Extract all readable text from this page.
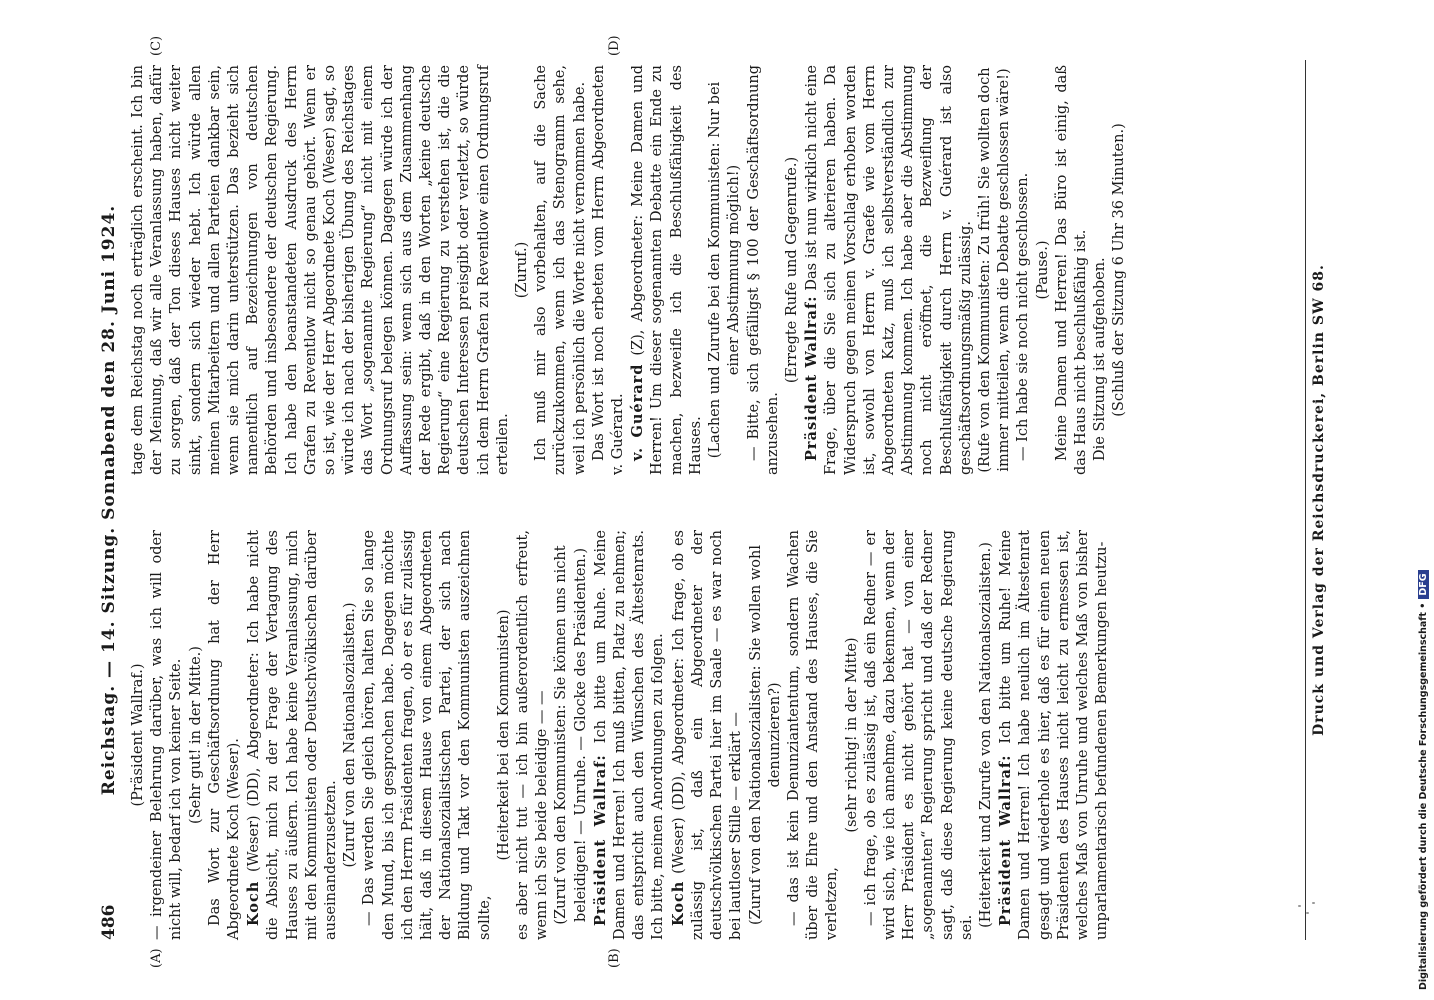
486
Reichstag. — 14. Sitzung. Sonnabend den 28. Juni 1924. (Präsident Wallraf.) — irgendeiner Belehrung darüber, was ich will oder nicht will, bedarf ich von keiner Seite. (Sehr gut! in der Mitte.) Das Wort zur Geschäftsordnung hat der Herr Abgeordnete Koch (Weser). Koch (Weser) (DD), Abgeordneter: Ich habe nicht die Absicht, mich zu der Frage der Vertagung des Hauses zu äußern. Ich habe keine Veranlassung, mich mit den Kommunisten oder Deutschvölkischen darüber auseinanderzusetzen. (Zuruf von den Nationalsozialisten.) — Das werden Sie gleich hören, halten Sie so lange den Mund, bis ich gesprochen habe. Dagegen möchte ich den Herrn Präsidenten fragen, ob er es für zulässig hält, daß in diesem Hause von einem Abgeordneten der Nationalsozialistischen Partei, der sich nach Bildung und Takt vor den Kommunisten auszeichnen sollte,

(Heiterkeit bei den Kommunisten) es aber nicht tut — ich bin außerordentlich erfreut, wenn ich Sie beide beleidige — — (Zuruf von den Kommunisten: Sie können uns nicht beleidigen! — Unruhe. — Glocke des Präsidenten.) Präsident Wallraf: Ich bitte um Ruhe. Meine Damen und Herren! Ich muß bitten, Platz zu nehmen; das entspricht auch den Wünschen des Ältestenrats. Ich bitte, meinen Anordnungen zu folgen. Koch (Weser) (DD), Abgeordneter: Ich frage, ob es zulässig ist, daß ein Abgeordneter der deutschvölkischen Partei hier im Saale — es war noch bei lautloser Stille — erklärt — (Zuruf von den Nationalsozialisten: Sie wollen wohl denunzieren?) — das ist kein Denunziantentum, sondern Wachen über die Ehre und den Anstand des Hauses, die Sie verletzen,

(sehr richtig! in der Mitte) — ich frage, ob es zulässig ist, daß ein Redner — er wird sich, wie ich annehme, dazu bekennen, wenn der Herr Präsident es nicht gehört hat — von einer „sogenannten“ Regierung spricht und daß der Redner sagt, daß diese Regierung keine deutsche Regierung sei. (Heiterkeit und Zurufe von den Nationalsozialisten.) Präsident Wallraf: Ich bitte um Ruhe! Meine Damen und Herren! Ich habe neulich im Ältestenrat gesagt und wiederhole es hier, daß es für einen neuen Präsidenten des Hauses nicht leicht zu ermessen ist, welches Maß von Unruhe und welches Maß von bisher unparlamentarisch befundenen Bemerkungen heutzu-

tage dem Reichstag noch erträglich erscheint. Ich bin der Meinung, daß wir alle Veranlassung haben, dafür zu sorgen, daß der Ton dieses Hauses nicht weiter sinkt, sondern sich wieder hebt. Ich würde allen meinen Mitarbeitern und allen Parteien dankbar sein, wenn sie mich darin unterstützen. Das bezieht sich namentlich auf Bezeichnungen von deutschen Behörden und insbesondere der deutschen Regierung. Ich habe den beanstandeten Ausdruck des Herrn Grafen zu Reventlow nicht so genau gehört. Wenn er so ist, wie der Herr Abgeordnete Koch (Weser) sagt, so würde ich nach der bisherigen Übung des Reichstages das Wort „sogenannte Regierung“ nicht mit einem Ordnungsruf belegen können. Dagegen würde ich der Auffassung sein: wenn sich aus dem Zusammenhang der Rede ergibt, daß in den Worten „keine deutsche Regierung“ eine Regierung zu verstehen ist, die die deutschen Interessen preisgibt oder verletzt, so würde ich dem Herrn Grafen zu Reventlow einen Ordnungsruf erteilen.

(Zuruf.) Ich muß mir also vorbehalten, auf die Sache zurückzukommen, wenn ich das Stenogramm sehe, weil ich persönlich die Worte nicht vernommen habe. Das Wort ist noch erbeten vom Herrn Abgeordneten v. Guérard. v. Guérard (Z), Abgeordneter: Meine Damen und Herren! Um dieser sogenannten Debatte ein Ende zu machen, bezweifle ich die Beschlußfähigkeit des Hauses. (Lachen und Zurufe bei den Kommunisten: Nur bei einer Abstimmung möglich!) — Bitte, sich gefälligst § 100 der Geschäftsordnung anzusehen.

(Erregte Rufe und Gegenrufe.) Präsident Wallraf: Das ist nun wirklich nicht eine Frage, über die Sie sich zu alterieren haben. Da Widerspruch gegen meinen Vorschlag erhoben worden ist, sowohl von Herrn v. Graefe wie vom Herrn Abgeordneten Katz, muß ich selbstverständlich zur Abstimmung kommen. Ich habe aber die Abstimmung noch nicht eröffnet, die Bezweiflung der Beschlußfähigkeit durch Herrn v. Guérard ist also geschäftsordnungsmäßig zulässig. (Rufe von den Kommunisten: Zu früh! Sie wollten doch immer mitteilen, wenn die Debatte geschlossen wäre!) — Ich habe sie noch nicht geschlossen. (Pause.) Meine Damen und Herren! Das Büro ist einig, daß das Haus nicht beschlußfähig ist. Die Sitzung ist aufgehoben. (Schluß der Sitzung 6 Uhr 36 Minuten.)

(A)	(B)
(C)	(D)
Druck und Verlag der Reichsdruckerei, Berlin SW 68.
Digitalisierung gefördert durch die Deutsche Forschungsgemeinschaft •DFG
